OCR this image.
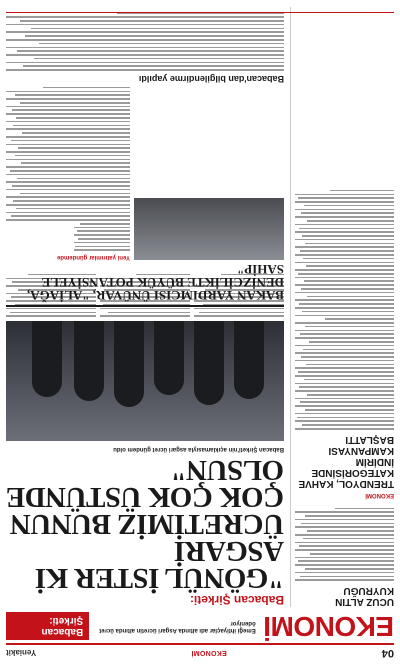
04
EKONOMİ
Yeniakit
EKONOMİ
Emeği ihtiyaçlar adı altında Asgari ücretin altında ücret ödeniyor
Babacan Şirketi:
UCUZ ALTIN KUYRUĞU
EKONOMİ
TRENDYOL, KAHVE KATEGORİSİNDE İNDİRİM KAMPANYASI BAŞLATTI
Babacan Şirketi:
"GÖNÜL İSTER Kİ ASGARİ ÜCRETİMİZ BUNUN ÇOK ÇOK ÜSTÜNDE OLSUN"
Babacan Şirketi'nin açıklamasıyla asgari ücret gündem oldu
BAKAN YARDIMCISI ÜNÜVAR, "ALİAĞA, DENİZCİLİKTE BÜYÜK POTANSİYELE SAHİP"
Yeni yatırımlar gündemde
Babacan'dan bilgilendirme yapıldı
